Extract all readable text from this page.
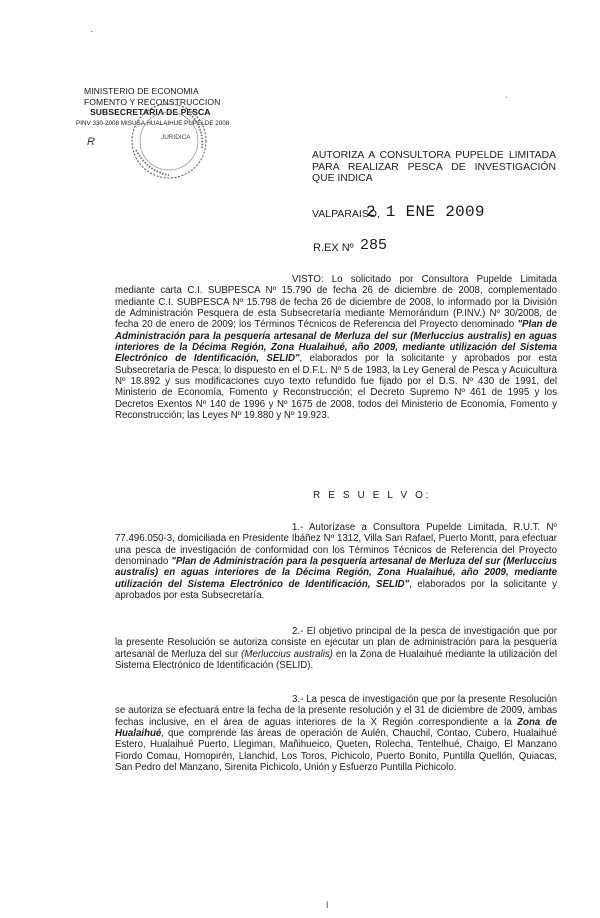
MINISTERIO DE ECONOMIA
FOMENTO Y RECONSTRUCCION
SUBSECRETARIA DE PESCA
PINV 330-2008 MISUSA HUALAIHUE PUPELDE 2008
JURIDICA
R
·
·
AUTORIZA A CONSULTORA PUPELDE LIMITADA PARA REALIZAR PESCA DE INVESTIGACIÓN QUE INDICA
VALPARAISO,
2 1 ENE 2009
R.EX Nº 285

VISTO: Lo solicitado por Consultora Pupelde Limitada mediante carta C.I. SUBPESCA Nº 15.790 de fecha 26 de diciembre de 2008, complementado mediante C.I. SUBPESCA Nº 15.798 de fecha 26 de diciembre de 2008, lo informado por la División de Administración Pesquera de esta Subsecretaría mediante Memorándum (P.INV.) Nº 30/2008, de fecha 20 de enero de 2009; los Términos Técnicos de Referencia del Proyecto denominado "Plan de Administración para la pesquería artesanal de Merluza del sur (Merluccius australis) en aguas interiores de la Décima Región, Zona Hualaihué, año 2009, mediante utilización del Sistema Electrónico de Identificación, SELID", elaborados por la solicitante y aprobados por esta Subsecretaría de Pesca; lo dispuesto en el D.F.L. Nº 5 de 1983, la Ley General de Pesca y Acuicultura Nº 18.892 y sus modificaciones cuyo texto refundido fue fijado por el D.S. Nº 430 de 1991, del Ministerio de Economía, Fomento y Reconstrucción; el Decreto Supremo Nº 461 de 1995 y los Decretos Exentos Nº 140 de 1996 y Nº 1675 de 2008, todos del Ministerio de Economía, Fomento y Reconstrucción; las Leyes Nº 19.880 y Nº 19.923.

R E S U E L V O:

1.- Autorízase a Consultora Pupelde Limitada, R.U.T. Nº 77.496.050-3, domiciliada en Presidente Ibáñez Nº 1312, Villa San Rafael, Puerto Montt, para efectuar una pesca de investigación de conformidad con los Términos Técnicos de Referencia del Proyecto denominado "Plan de Administración para la pesquería artesanal de Merluza del sur (Merluccius australis) en aguas interiores de la Décima Región, Zona Hualaihué, año 2009, mediante utilización del Sistema Electrónico de Identificación, SELID", elaborados por la solicitante y aprobados por esta Subsecretaría.

2.- El objetivo principal de la pesca de investigación que por la presente Resolución se autoriza consiste en ejecutar un plan de administración para la pesquería artesanal de Merluza del sur (Merluccius australis) en la Zona de Hualaihué mediante la utilización del Sistema Electrónico de Identificación (SELID).

3.- La pesca de investigación que por la presente Resolución se autoriza se efectuará entre la fecha de la presente resolución y el 31 de diciembre de 2009, ambas fechas inclusive, en el área de aguas interiores de la X Región correspondiente a la Zona de Hualaihué, que comprende las áreas de operación de Aulén, Chauchil, Contao, Cubero, Hualaihué Estero, Hualaihué Puerto, Llegiman, Mañihueico, Queten, Rolecha, Tentelhué, Chaigo, El Manzano Fiordo Comau, Hornopirén, Llanchid, Los Toros, Pichicolo, Puerto Bonito, Puntilla Quellón, Quiacas, San Pedro del Manzano, Sirenita Pichicolo, Unión y Esfuerzo Puntilla Pichicolo.

I
